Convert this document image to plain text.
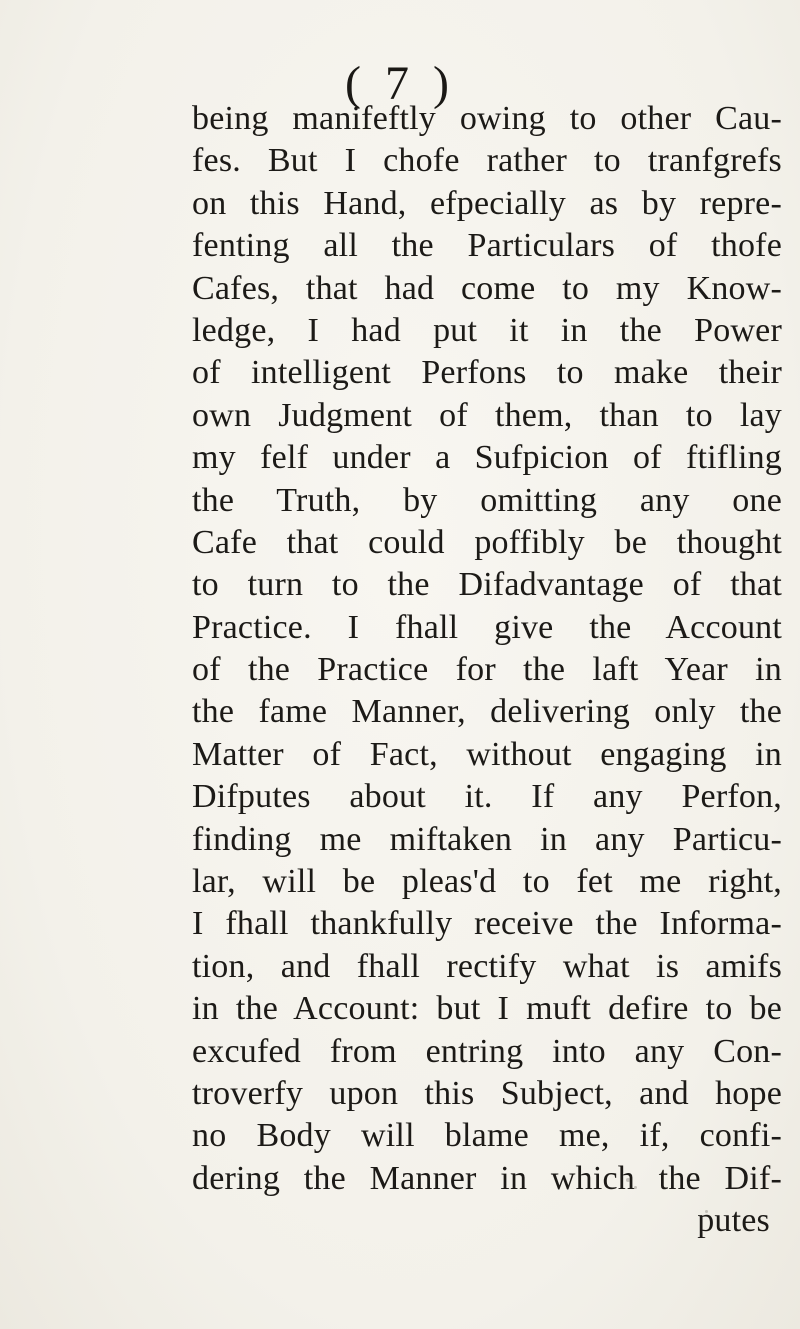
( 7 )
being manifeftly owing to other Cau-
fes. But I chofe rather to tranfgrefs
on this Hand, efpecially as by repre-
fenting all the Particulars of thofe
Cafes, that had come to my Know-
ledge, I had put it in the Power
of intelligent Perfons to make their
own Judgment of them, than to lay
my felf under a Sufpicion of ftifling
the Truth, by omitting any one
Cafe that could poffibly be thought
to turn to the Difadvantage of that
Practice. I fhall give the Account
of the Practice for the laft Year in
the fame Manner, delivering only the
Matter of Fact, without engaging in
Difputes about it. If any Perfon,
finding me miftaken in any Particu-
lar, will be pleas'd to fet me right,
I fhall thankfully receive the Informa-
tion, and fhall rectify what is amifs
in the Account: but I muft defire to be
excufed from entring into any Con-
troverfy upon this Subject, and hope
no Body will blame me, if, confi-
dering the Manner in which the Dif-
putes
